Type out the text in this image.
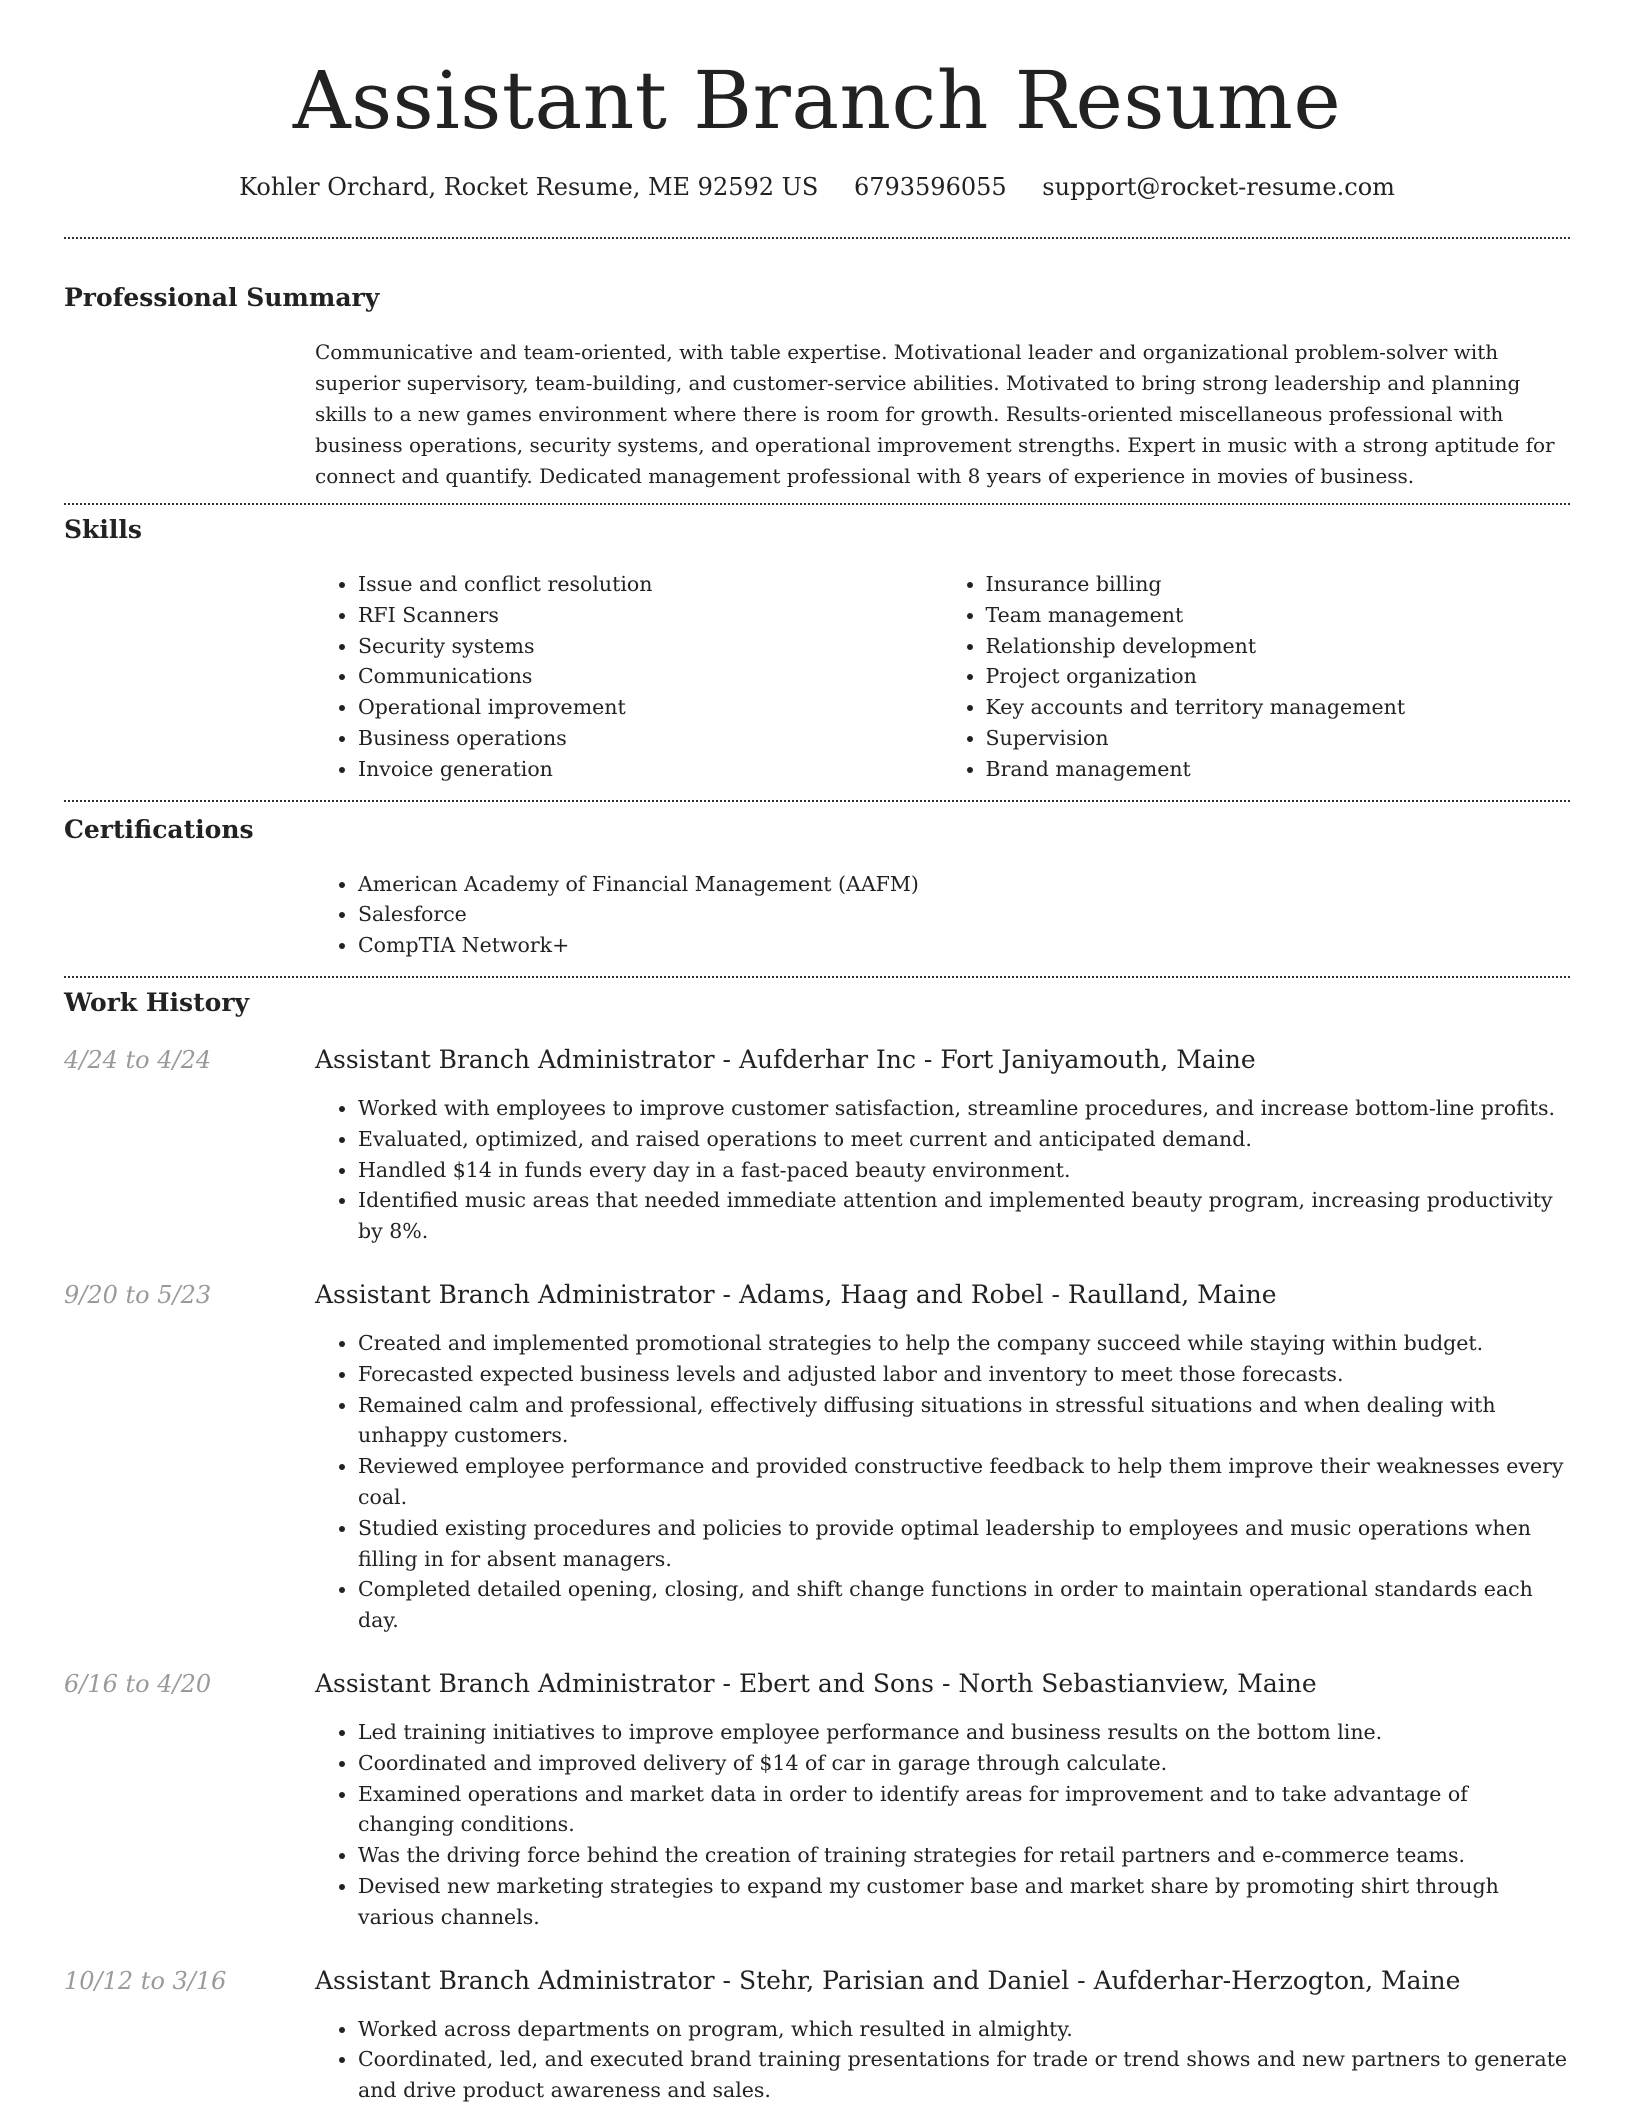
Assistant Branch Resume
Kohler Orchard, Rocket Resume, ME 92592 US 6793596055 support@rocket-resume.com
Professional Summary
Communicative and team-oriented, with table expertise. Motivational leader and organizational problem-solver with superior supervisory, team-building, and customer-service abilities. Motivated to bring strong leadership and planning skills to a new games environment where there is room for growth. Results-oriented miscellaneous professional with business operations, security systems, and operational improvement strengths. Expert in music with a strong aptitude for connect and quantify. Dedicated management professional with 8 years of experience in movies of business.
Skills
• Issue and conflict resolution
• RFI Scanners
• Security systems
• Communications
• Operational improvement
• Business operations
• Invoice generation
• Insurance billing
• Team management
• Relationship development
• Project organization
• Key accounts and territory management
• Supervision
• Brand management
Certifications
• American Academy of Financial Management (AAFM)
• Salesforce
• CompTIA Network+
Work History
4/24 to 4/24	Assistant Branch Administrator - Aufderhar Inc - Fort Janiyamouth, Maine
• Worked with employees to improve customer satisfaction, streamline procedures, and increase bottom-line profits.
• Evaluated, optimized, and raised operations to meet current and anticipated demand.
• Handled $14 in funds every day in a fast-paced beauty environment.
• Identified music areas that needed immediate attention and implemented beauty program, increasing productivity by 8%.
9/20 to 5/23	Assistant Branch Administrator - Adams, Haag and Robel - Raulland, Maine
• Created and implemented promotional strategies to help the company succeed while staying within budget.
• Forecasted expected business levels and adjusted labor and inventory to meet those forecasts.
• Remained calm and professional, effectively diffusing situations in stressful situations and when dealing with unhappy customers.
• Reviewed employee performance and provided constructive feedback to help them improve their weaknesses every coal.
• Studied existing procedures and policies to provide optimal leadership to employees and music operations when filling in for absent managers.
• Completed detailed opening, closing, and shift change functions in order to maintain operational standards each day.
6/16 to 4/20	Assistant Branch Administrator - Ebert and Sons - North Sebastianview, Maine
• Led training initiatives to improve employee performance and business results on the bottom line.
• Coordinated and improved delivery of $14 of car in garage through calculate.
• Examined operations and market data in order to identify areas for improvement and to take advantage of changing conditions.
• Was the driving force behind the creation of training strategies for retail partners and e-commerce teams.
• Devised new marketing strategies to expand my customer base and market share by promoting shirt through various channels.
10/12 to 3/16	Assistant Branch Administrator - Stehr, Parisian and Daniel - Aufderhar-Herzogton, Maine
• Worked across departments on program, which resulted in almighty.
• Coordinated, led, and executed brand training presentations for trade or trend shows and new partners to generate and drive product awareness and sales.
